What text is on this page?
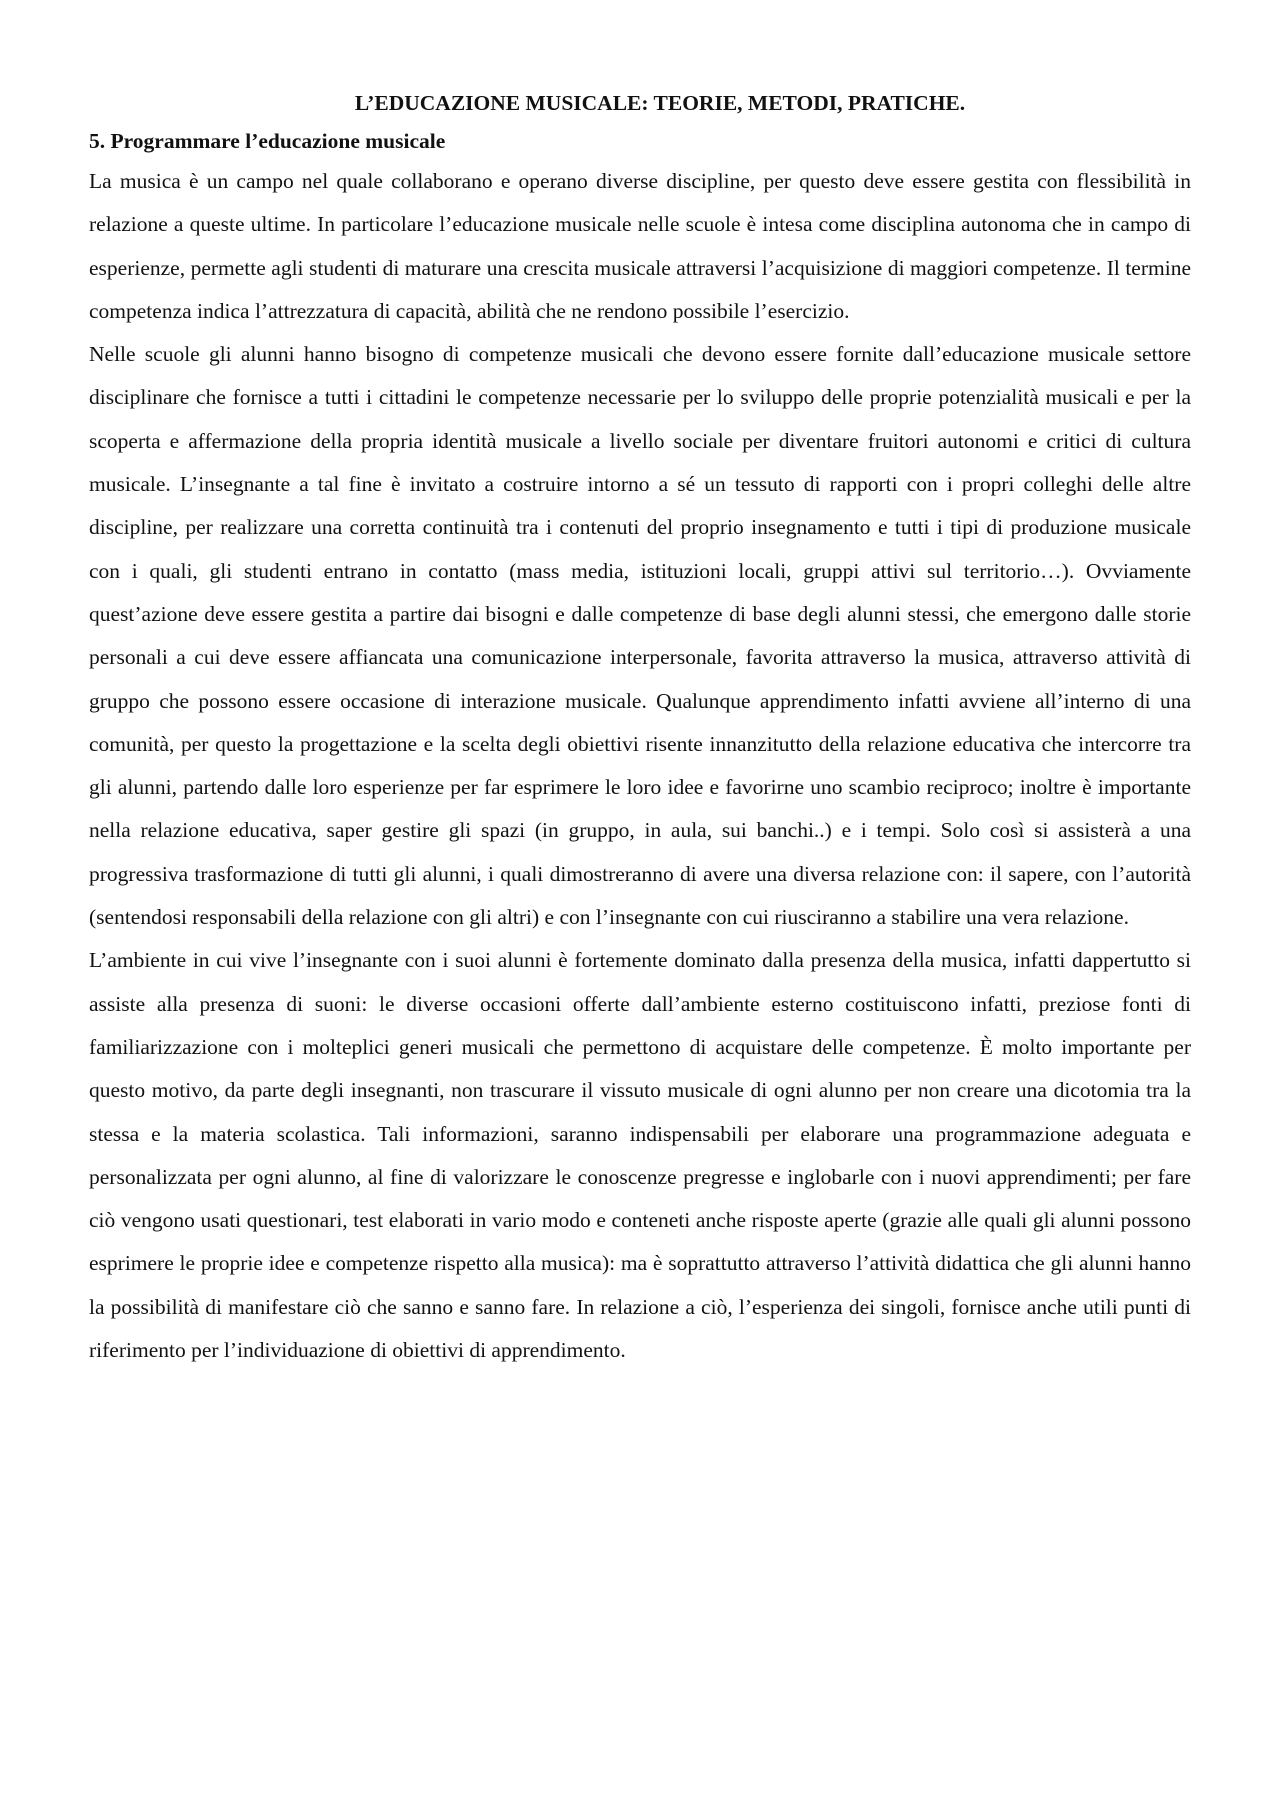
L’EDUCAZIONE MUSICALE: TEORIE, METODI, PRATICHE.
5. Programmare l’educazione musicale

La musica è un campo nel quale collaborano e operano diverse discipline, per questo deve essere gestita con flessibilità in relazione a queste ultime. In particolare l’educazione musicale nelle scuole è intesa come disciplina autonoma che in campo di esperienze, permette agli studenti di maturare una crescita musicale attraversi l’acquisizione di maggiori competenze. Il termine competenza indica l’attrezzatura di capacità, abilità che ne rendono possibile l’esercizio.

Nelle scuole gli alunni hanno bisogno di competenze musicali che devono essere fornite dall’educazione musicale settore disciplinare che fornisce a tutti i cittadini le competenze necessarie per lo sviluppo delle proprie potenzialità musicali e per la scoperta e affermazione della propria identità musicale a livello sociale per diventare fruitori autonomi e critici di cultura musicale. L’insegnante a tal fine è invitato a costruire intorno a sé un tessuto di rapporti con i propri colleghi delle altre discipline, per realizzare una corretta continuità tra i contenuti del proprio insegnamento e tutti i tipi di produzione musicale con i quali, gli studenti entrano in contatto (mass media, istituzioni locali, gruppi attivi sul territorio…). Ovviamente quest’azione deve essere gestita a partire dai bisogni e dalle competenze di base degli alunni stessi, che emergono dalle storie personali a cui deve essere affiancata una comunicazione interpersonale, favorita attraverso la musica, attraverso attività di gruppo che possono essere occasione di interazione musicale. Qualunque apprendimento infatti avviene all’interno di una comunità, per questo la progettazione e la scelta degli obiettivi risente innanzitutto della relazione educativa che intercorre tra gli alunni, partendo dalle loro esperienze per far esprimere le loro idee e favorirne uno scambio reciproco; inoltre è importante nella relazione educativa, saper gestire gli spazi (in gruppo, in aula, sui banchi..) e i tempi. Solo così si assisterà a una progressiva trasformazione di tutti gli alunni, i quali dimostreranno di avere una diversa relazione con: il sapere, con l’autorità (sentendosi responsabili della relazione con gli altri) e con l’insegnante con cui riusciranno a stabilire una vera relazione.

L’ambiente in cui vive l’insegnante con i suoi alunni è fortemente dominato dalla presenza della musica, infatti dappertutto si assiste alla presenza di suoni: le diverse occasioni offerte dall’ambiente esterno costituiscono infatti, preziose fonti di familiarizzazione con i molteplici generi musicali che permettono di acquistare delle competenze. È molto importante per questo motivo, da parte degli insegnanti, non trascurare il vissuto musicale di ogni alunno per non creare una dicotomia tra la stessa e la materia scolastica. Tali informazioni, saranno indispensabili per elaborare una programmazione adeguata e personalizzata per ogni alunno, al fine di valorizzare le conoscenze pregresse e inglobarle con i nuovi apprendimenti; per fare ciò vengono usati questionari, test elaborati in vario modo e conteneti anche risposte aperte (grazie alle quali gli alunni possono esprimere le proprie idee e competenze rispetto alla musica): ma è soprattutto attraverso l’attività didattica che gli alunni hanno la possibilità di manifestare ciò che sanno e sanno fare. In relazione a ciò, l’esperienza dei singoli, fornisce anche utili punti di riferimento per l’individuazione di obiettivi di apprendimento.
